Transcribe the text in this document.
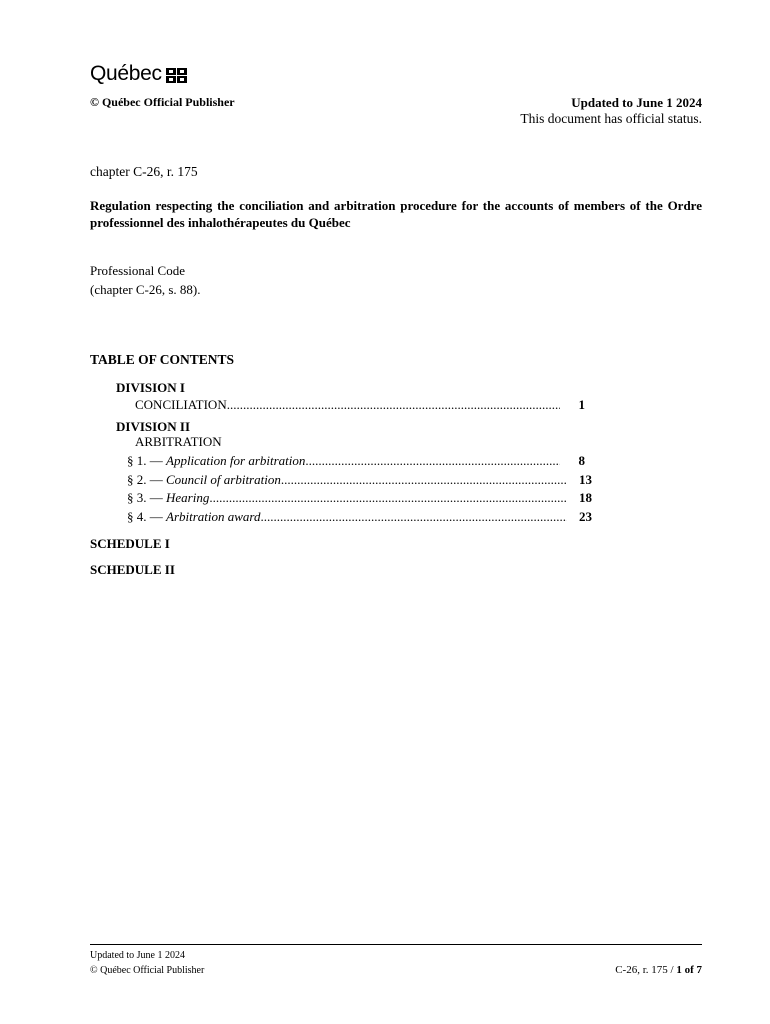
Québec
© Québec Official Publisher	Updated to June 1 2024
This document has official status.
chapter C-26, r. 175
Regulation respecting the conciliation and arbitration procedure for the accounts of members of the Ordre professionnel des inhalothérapeutes du Québec
Professional Code
(chapter C-26, s. 88).
TABLE OF CONTENTS
DIVISION I
CONCILIATION .....	1
DIVISION II
ARBITRATION
§ 1. — Application for arbitration .....	8
§ 2. — Council of arbitration .....	13
§ 3. — Hearing .....	18
§ 4. — Arbitration award .....	23
SCHEDULE I
SCHEDULE II
Updated to June 1 2024
© Québec Official Publisher	C-26, r. 175 / 1 of 7
